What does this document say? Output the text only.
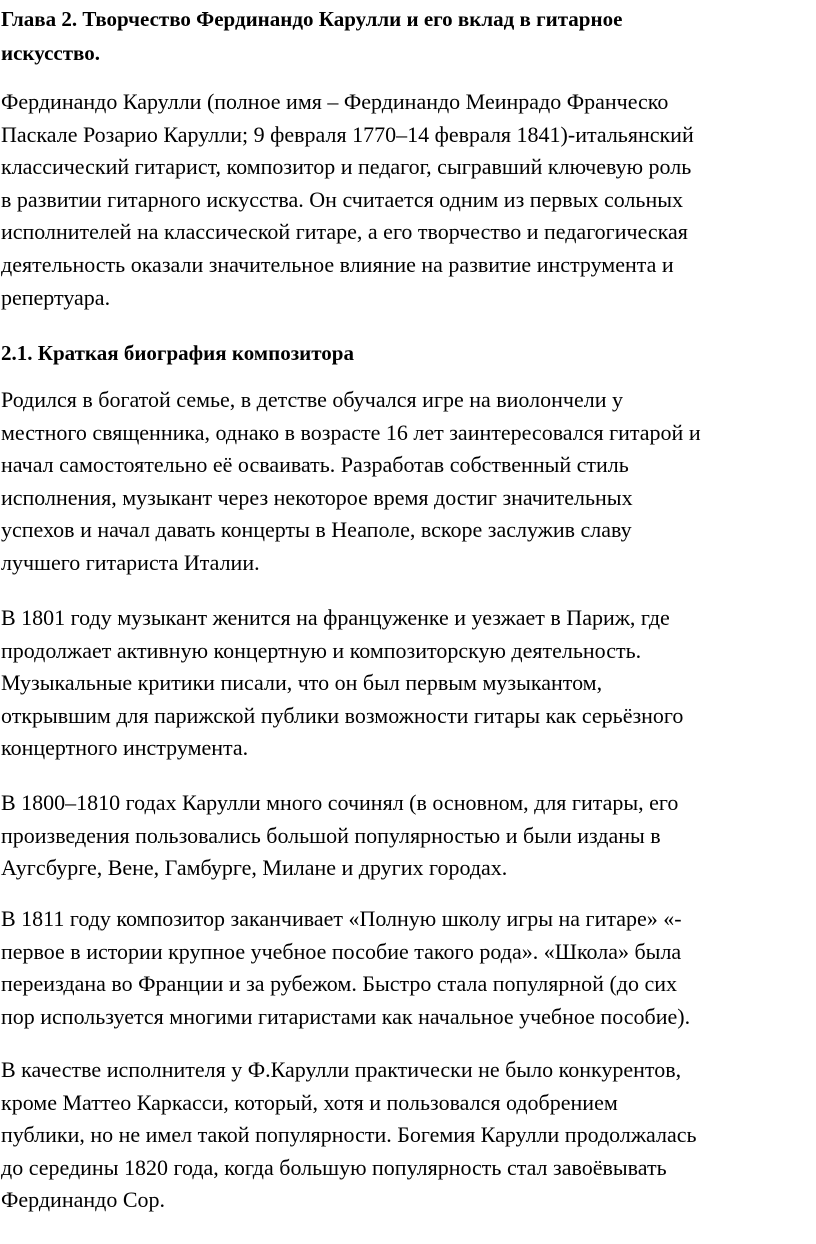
Глава 2. Творчество Фердинандо Карулли и его вклад в гитарное
искусство.

Фердинандо Карулли (полное имя – Фердинандо Меинрадо Франческо
Паскале Розарио Карулли; 9 февраля 1770–14 февраля 1841)-итальянский
классический гитарист, композитор и педагог, сыгравший ключевую роль
в развитии гитарного искусства. Он считается одним из первых сольных
исполнителей на классической гитаре, а его творчество и педагогическая
деятельность оказали значительное влияние на развитие инструмента и
репертуара.

2.1. Краткая биография композитора

Родился в богатой семье, в детстве обучался игре на виолончели у
местного священника, однако в возрасте 16 лет заинтересовался гитарой и
начал самостоятельно её осваивать. Разработав собственный стиль
исполнения, музыкант через некоторое время достиг значительных
успехов и начал давать концерты в Неаполе, вскоре заслужив славу
лучшего гитариста Италии.

В 1801 году музыкант женится на француженке и уезжает в Париж, где
продолжает активную концертную и композиторскую деятельность.
Музыкальные критики писали, что он был первым музыкантом,
открывшим для парижской публики возможности гитары как серьёзного
концертного инструмента.

В 1800–1810 годах Карулли много сочинял (в основном, для гитары, его
произведения пользовались большой популярностью и были изданы в
Аугсбурге, Вене, Гамбурге, Милане и других городах.

В 1811 году композитор заканчивает «Полную школу игры на гитаре» «-
первое в истории крупное учебное пособие такого рода». «Школа» была
переиздана во Франции и за рубежом. Быстро стала популярной (до сих
пор используется многими гитаристами как начальное учебное пособие).

В качестве исполнителя у Ф.Карулли практически не было конкурентов,
кроме Маттео Каркасси, который, хотя и пользовался одобрением
публики, но не имел такой популярности. Богемия Карулли продолжалась
до середины 1820 года, когда большую популярность стал завоёвывать
Фердинандо Сор.
